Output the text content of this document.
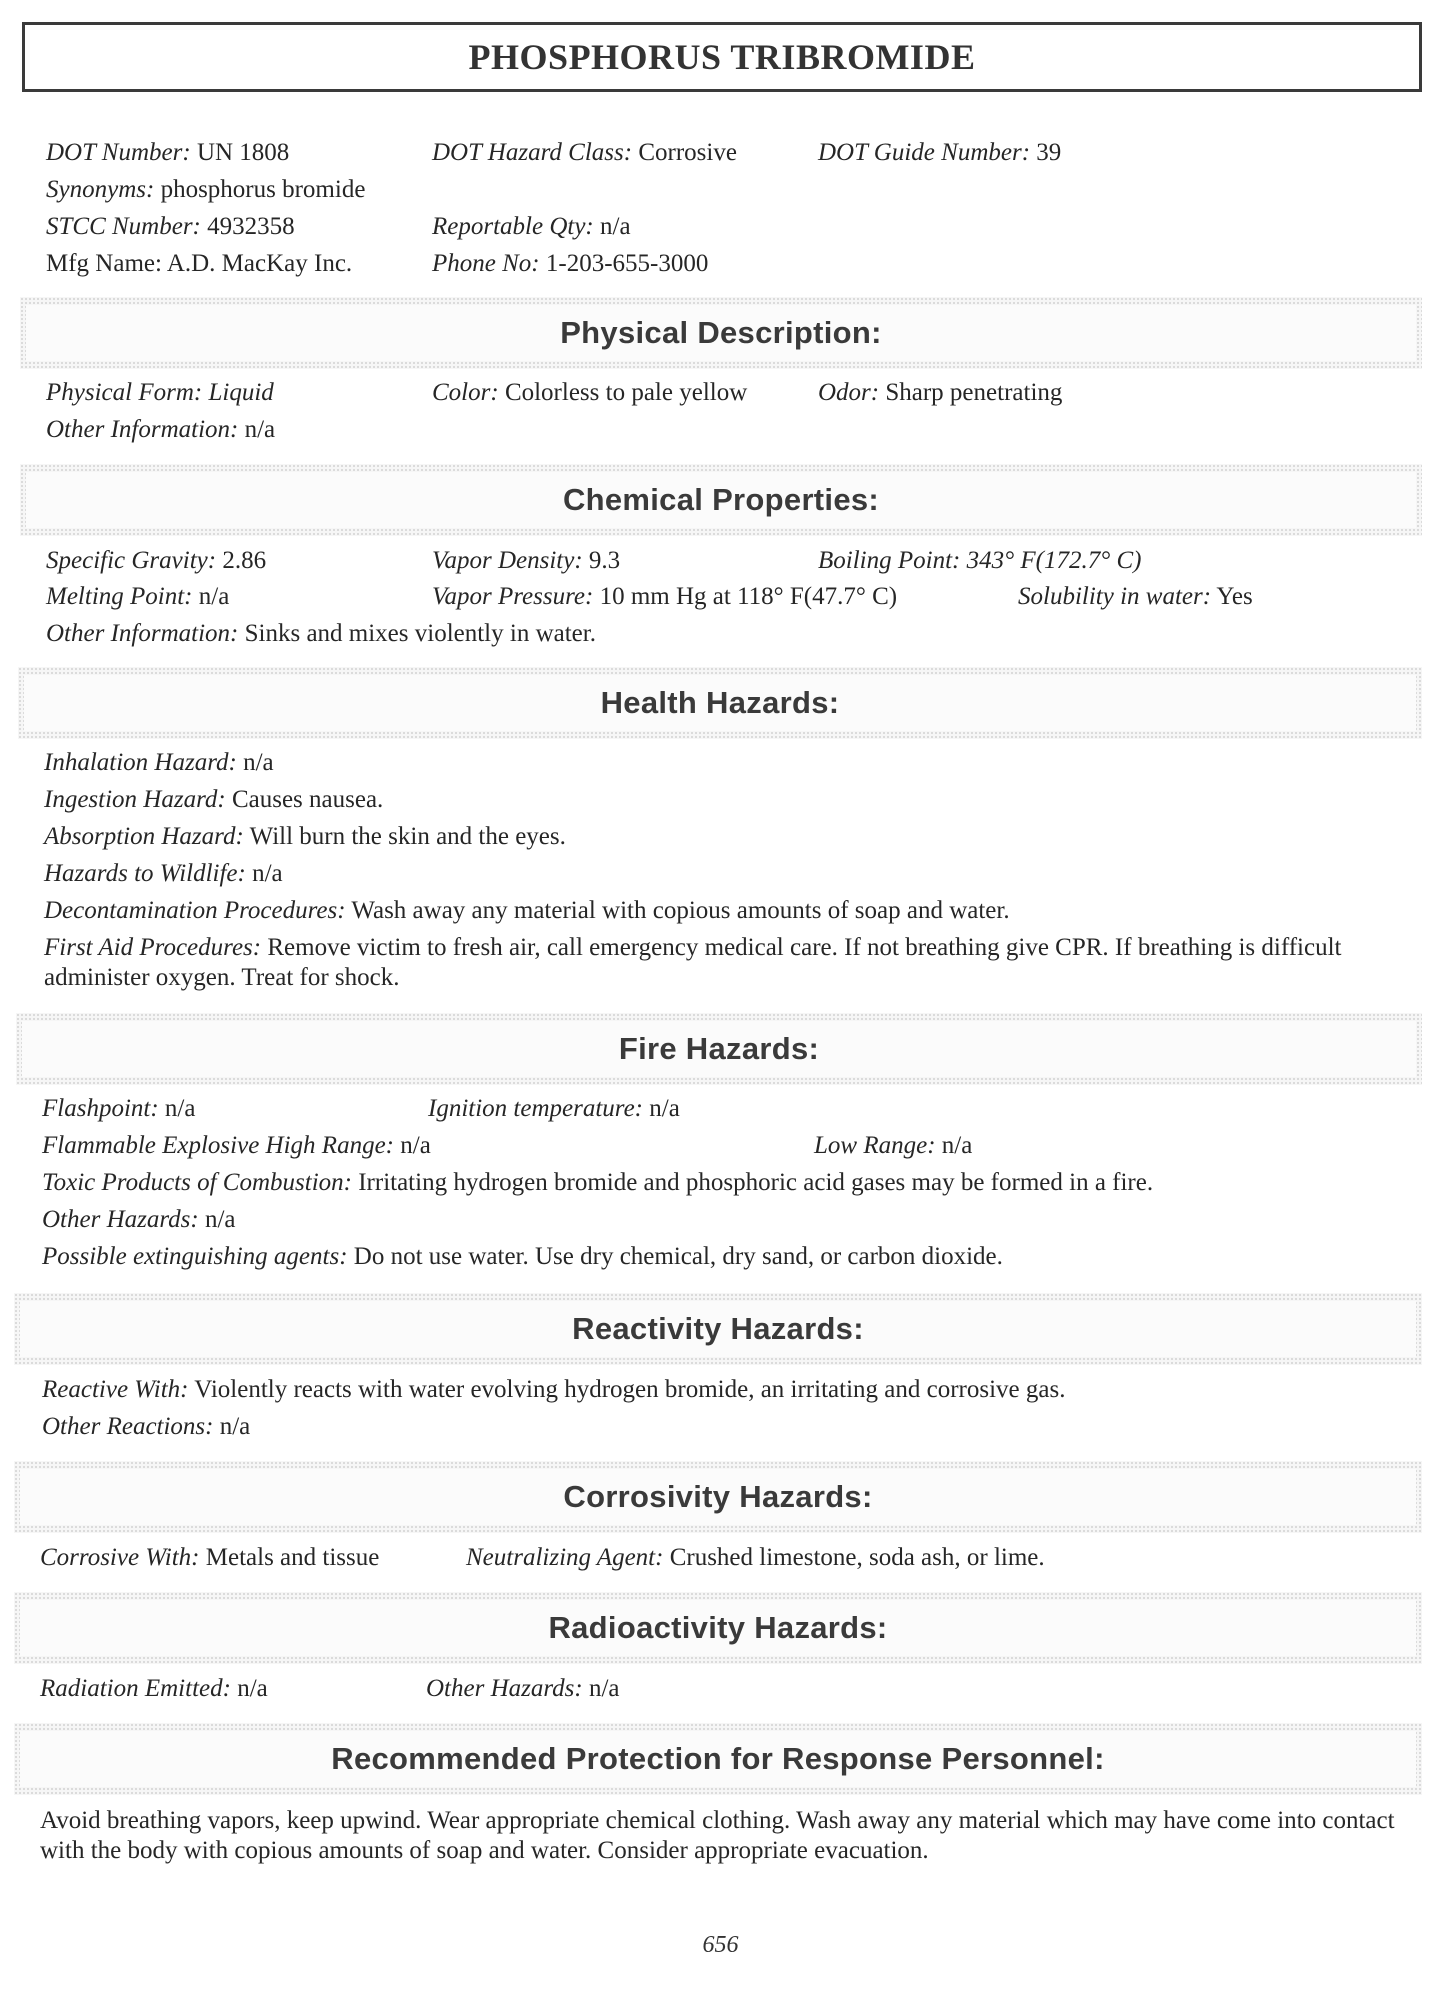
PHOSPHORUS TRIBROMIDE
DOT Number: UN 1808	DOT Hazard Class: Corrosive	DOT Guide Number: 39
Synonyms: phosphorus bromide
STCC Number: 4932358	Reportable Qty: n/a
Mfg Name: A.D. MacKay Inc.	Phone No: 1-203-655-3000
Physical Description:
Physical Form: Liquid	Color: Colorless to pale yellow	Odor: Sharp penetrating
Other Information: n/a
Chemical Properties:
Specific Gravity: 2.86	Vapor Density: 9.3	Boiling Point: 343° F(172.7° C)
Melting Point: n/a	Vapor Pressure: 10 mm Hg at 118° F(47.7° C)	Solubility in water: Yes
Other Information: Sinks and mixes violently in water.
Health Hazards:
Inhalation Hazard: n/a
Ingestion Hazard: Causes nausea.
Absorption Hazard: Will burn the skin and the eyes.
Hazards to Wildlife: n/a
Decontamination Procedures: Wash away any material with copious amounts of soap and water.
First Aid Procedures: Remove victim to fresh air, call emergency medical care. If not breathing give CPR. If breathing is difficult administer oxygen. Treat for shock.
Fire Hazards:
Flashpoint: n/a	Ignition temperature: n/a
Flammable Explosive High Range: n/a	Low Range: n/a
Toxic Products of Combustion: Irritating hydrogen bromide and phosphoric acid gases may be formed in a fire.
Other Hazards: n/a
Possible extinguishing agents: Do not use water. Use dry chemical, dry sand, or carbon dioxide.
Reactivity Hazards:
Reactive With: Violently reacts with water evolving hydrogen bromide, an irritating and corrosive gas.
Other Reactions: n/a
Corrosivity Hazards:
Corrosive With: Metals and tissue	Neutralizing Agent: Crushed limestone, soda ash, or lime.
Radioactivity Hazards:
Radiation Emitted: n/a	Other Hazards: n/a
Recommended Protection for Response Personnel:
Avoid breathing vapors, keep upwind. Wear appropriate chemical clothing. Wash away any material which may have come into contact with the body with copious amounts of soap and water. Consider appropriate evacuation.
656
